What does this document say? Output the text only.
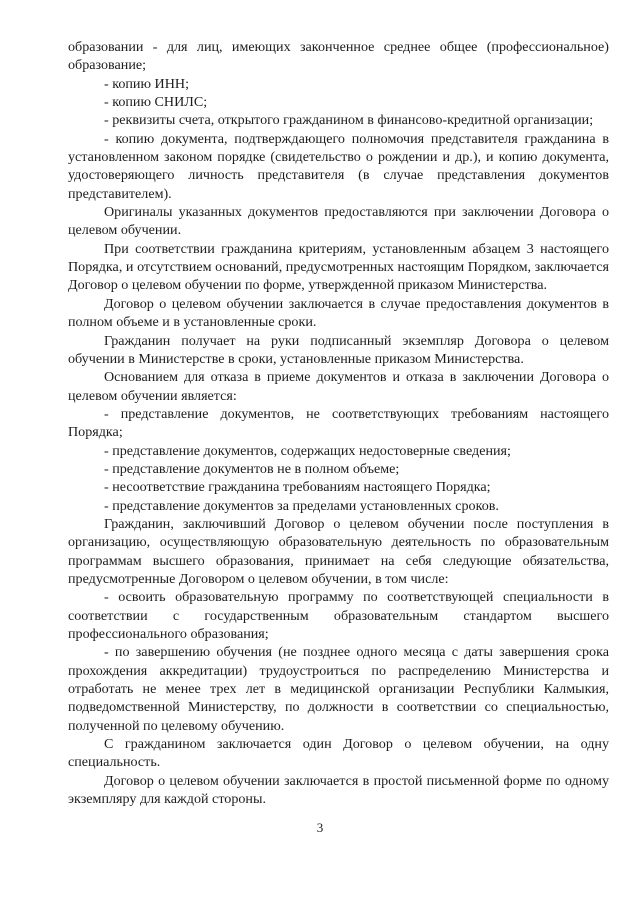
образовании - для лиц, имеющих законченное среднее общее (профессиональное) образование;

- копию ИНН;

- копию СНИЛС;

- реквизиты счета, открытого гражданином в финансово-кредитной организации;

- копию документа, подтверждающего полномочия представителя гражданина в установленном законом порядке (свидетельство о рождении и др.), и копию документа, удостоверяющего личность представителя (в случае представления документов представителем).

Оригиналы указанных документов предоставляются при заключении Договора о целевом обучении.

При соответствии гражданина критериям, установленным абзацем 3 настоящего Порядка, и отсутствием оснований, предусмотренных настоящим Порядком, заключается Договор о целевом обучении по форме, утвержденной приказом Министерства.

Договор о целевом обучении заключается в случае предоставления документов в полном объеме и в установленные сроки.

Гражданин получает на руки подписанный экземпляр Договора о целевом обучении в Министерстве в сроки, установленные приказом Министерства.

Основанием для отказа в приеме документов и отказа в заключении Договора о целевом обучении является:

- представление документов, не соответствующих требованиям настоящего Порядка;

- представление документов, содержащих недостоверные сведения;

- представление документов не в полном объеме;

- несоответствие гражданина требованиям настоящего Порядка;

- представление документов за пределами установленных сроков.

Гражданин, заключивший Договор о целевом обучении после поступления в организацию, осуществляющую образовательную деятельность по образовательным программам высшего образования, принимает на себя следующие обязательства, предусмотренные Договором о целевом обучении, в том числе:

- освоить образовательную программу по соответствующей специальности в соответствии с государственным образовательным стандартом высшего профессионального образования;

- по завершению обучения (не позднее одного месяца с даты завершения срока прохождения аккредитации) трудоустроиться по распределению Министерства и отработать не менее трех лет в медицинской организации Республики Калмыкия, подведомственной Министерству, по должности в соответствии со специальностью, полученной по целевому обучению.

С гражданином заключается один Договор о целевом обучении, на одну специальность.

Договор о целевом обучении заключается в простой письменной форме по одному экземпляру для каждой стороны.

3
